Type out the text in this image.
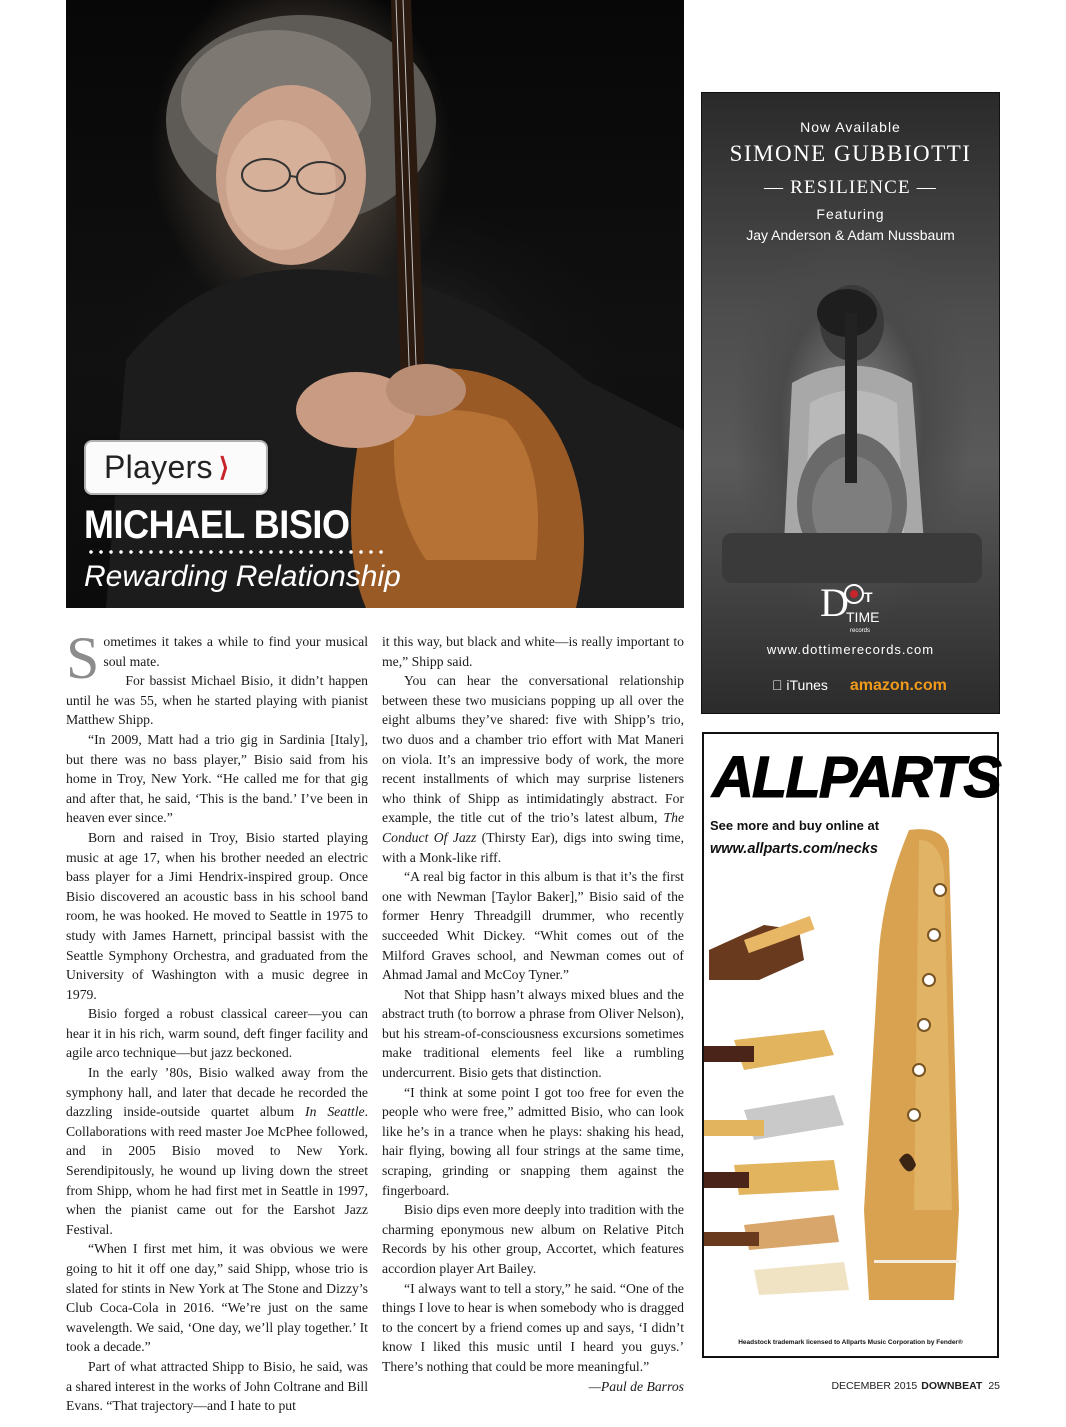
Players ⟩
MICHAEL BISIO
Rewarding Relationship

Sometimes it takes a while to find your musical soul mate.

For bassist Michael Bisio, it didn’t happen until he was 55, when he started playing with pianist Matthew Shipp.

“In 2009, Matt had a trio gig in Sardinia [Italy], but there was no bass player,” Bisio said from his home in Troy, New York. “He called me for that gig and after that, he said, ‘This is the band.’ I’ve been in heaven ever since.”

Born and raised in Troy, Bisio started playing music at age 17, when his brother needed an electric bass player for a Jimi Hendrix-inspired group. Once Bisio discovered an acoustic bass in his school band room, he was hooked. He moved to Seattle in 1975 to study with James Harnett, principal bassist with the Seattle Symphony Orchestra, and graduated from the University of Washington with a music degree in 1979.

Bisio forged a robust classical career—you can hear it in his rich, warm sound, deft finger facility and agile arco technique—but jazz beckoned.

In the early ’80s, Bisio walked away from the symphony hall, and later that decade he recorded the dazzling inside-outside quartet album In Seattle. Collaborations with reed master Joe McPhee followed, and in 2005 Bisio moved to New York. Serendipitously, he wound up living down the street from Shipp, whom he had first met in Seattle in 1997, when the pianist came out for the Earshot Jazz Festival.

“When I first met him, it was obvious we were going to hit it off one day,” said Shipp, whose trio is slated for stints in New York at The Stone and Dizzy’s Club Coca-Cola in 2016. “We’re just on the same wavelength. We said, ‘One day, we’ll play together.’ It took a decade.”

Part of what attracted Shipp to Bisio, he said, was a shared interest in the works of John Coltrane and Bill Evans. “That trajectory—and I hate to put

it this way, but black and white—is really important to me,” Shipp said.

You can hear the conversational relationship between these two musicians popping up all over the eight albums they’ve shared: five with Shipp’s trio, two duos and a chamber trio effort with Mat Maneri on viola. It’s an impressive body of work, the more recent installments of which may surprise listeners who think of Shipp as intimidatingly abstract. For example, the title cut of the trio’s latest album, The Conduct Of Jazz (Thirsty Ear), digs into swing time, with a Monk-like riff.

“A real big factor in this album is that it’s the first one with Newman [Taylor Baker],” Bisio said of the former Henry Threadgill drummer, who recently succeeded Whit Dickey. “Whit comes out of the Milford Graves school, and Newman comes out of Ahmad Jamal and McCoy Tyner.”

Not that Shipp hasn’t always mixed blues and the abstract truth (to borrow a phrase from Oliver Nelson), but his stream-of-consciousness excursions sometimes make traditional elements feel like a rumbling undercurrent. Bisio gets that distinction.

“I think at some point I got too free for even the people who were free,” admitted Bisio, who can look like he’s in a trance when he plays: shaking his head, hair flying, bowing all four strings at the same time, scraping, grinding or snapping them against the fingerboard.

Bisio dips even more deeply into tradition with the charming eponymous new album on Relative Pitch Records by his other group, Accortet, which features accordion player Art Bailey.

“I always want to tell a story,” he said. “One of the things I love to hear is when somebody who is dragged to the concert by a friend comes up and says, ‘I didn’t know I liked this music until I heard you guys.’ There’s nothing that could be more meaningful.”

—Paul de Barros

Now Available
SIMONE GUBBIOTTI
— RESILIENCE —
Featuring
Jay Anderson & Adam Nussbaum
D T
TIME
records
www.dottimerecords.com
iTunes amazon.com
ALLPARTS
See more and buy online at
www.allparts.com/necks
Headstock trademark licensed to Allparts Music Corporation by Fender®
DECEMBER 2015 DOWNBEAT 25
